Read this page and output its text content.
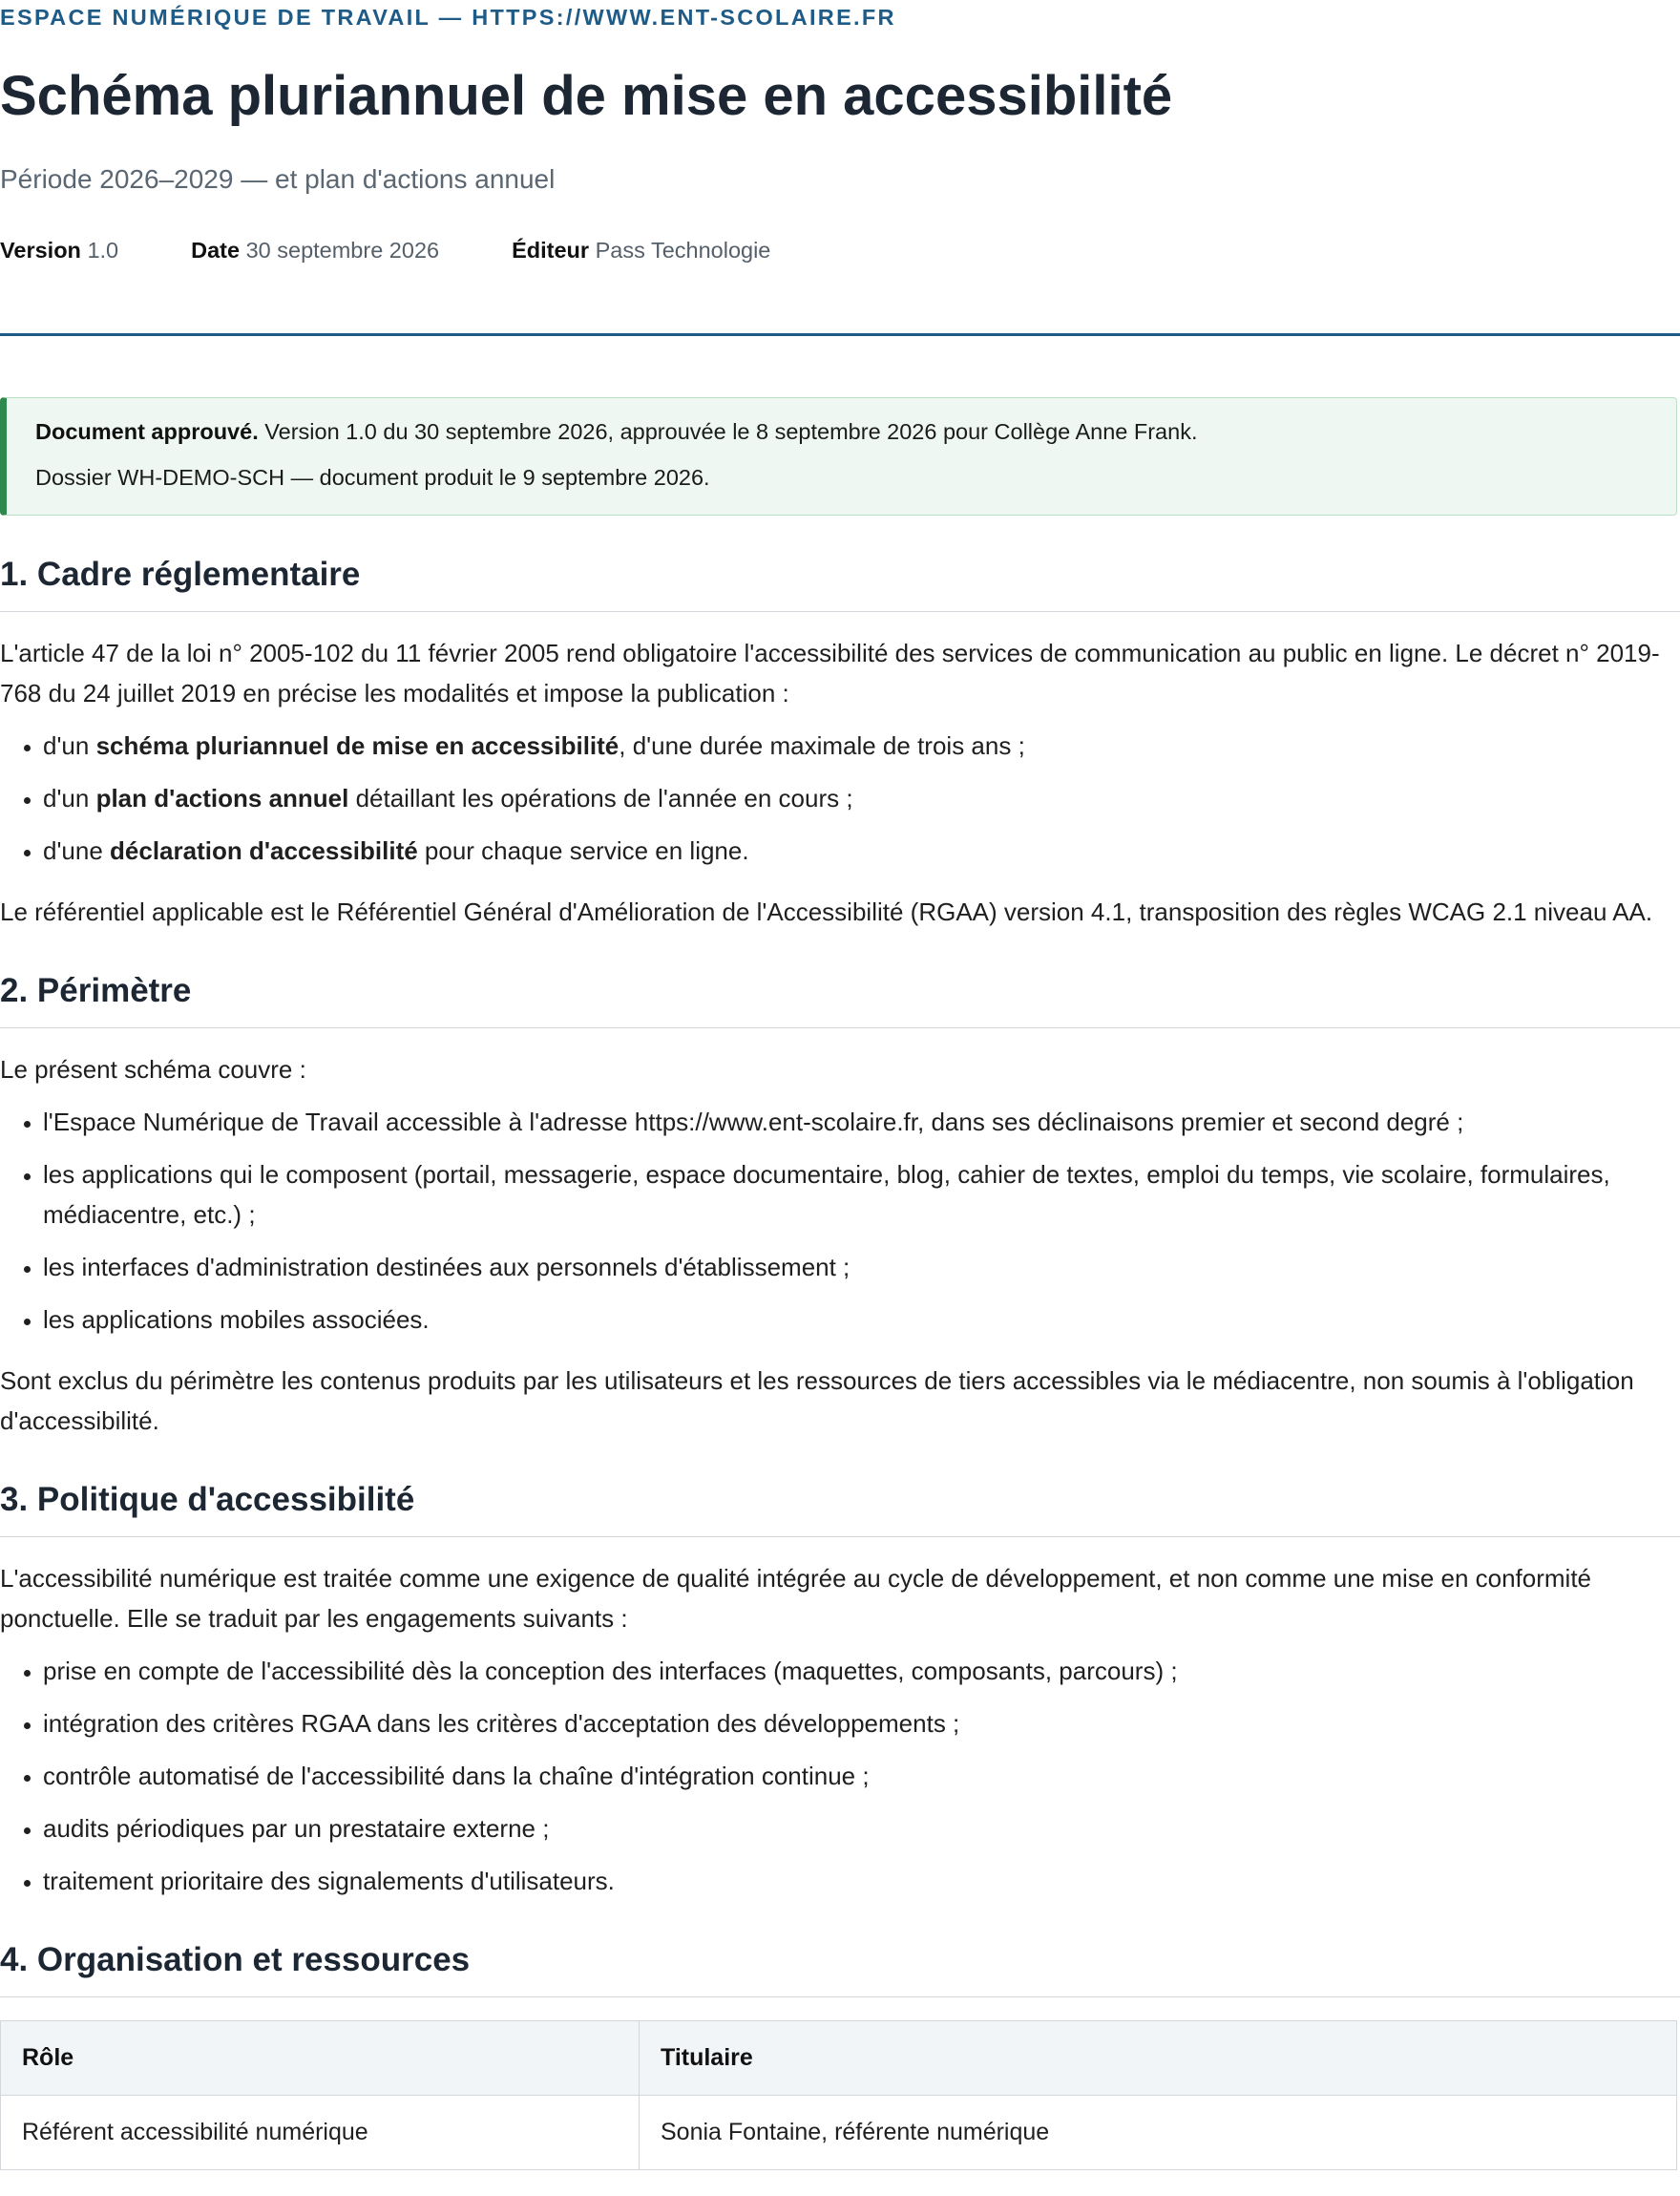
ESPACE NUMÉRIQUE DE TRAVAIL — HTTPS://WWW.ENT-SCOLAIRE.FR

Schéma pluriannuel de mise en accessibilité

Période 2026–2029 — et plan d'actions annuel

Version 1.0	Date 30 septembre 2026	Éditeur Pass Technologie

Document approuvé. Version 1.0 du 30 septembre 2026, approuvée le 8 septembre 2026 pour Collège Anne Frank.

Dossier WH-DEMO-SCH — document produit le 9 septembre 2026.

1. Cadre réglementaire

L'article 47 de la loi n° 2005-102 du 11 février 2005 rend obligatoire l'accessibilité des services de communication au public en ligne. Le décret n° 2019-768 du 24 juillet 2019 en précise les modalités et impose la publication :

• d'un schéma pluriannuel de mise en accessibilité, d'une durée maximale de trois ans ;
• d'un plan d'actions annuel détaillant les opérations de l'année en cours ;
• d'une déclaration d'accessibilité pour chaque service en ligne.

Le référentiel applicable est le Référentiel Général d'Amélioration de l'Accessibilité (RGAA) version 4.1, transposition des règles WCAG 2.1 niveau AA.

2. Périmètre

Le présent schéma couvre :

• l'Espace Numérique de Travail accessible à l'adresse https://www.ent-scolaire.fr, dans ses déclinaisons premier et second degré ;
• les applications qui le composent (portail, messagerie, espace documentaire, blog, cahier de textes, emploi du temps, vie scolaire, formulaires, médiacentre, etc.) ;
• les interfaces d'administration destinées aux personnels d'établissement ;
• les applications mobiles associées.

Sont exclus du périmètre les contenus produits par les utilisateurs et les ressources de tiers accessibles via le médiacentre, non soumis à l'obligation d'accessibilité.

3. Politique d'accessibilité

L'accessibilité numérique est traitée comme une exigence de qualité intégrée au cycle de développement, et non comme une mise en conformité ponctuelle. Elle se traduit par les engagements suivants :

• prise en compte de l'accessibilité dès la conception des interfaces (maquettes, composants, parcours) ;
• intégration des critères RGAA dans les critères d'acceptation des développements ;
• contrôle automatisé de l'accessibilité dans la chaîne d'intégration continue ;
• audits périodiques par un prestataire externe ;
• traitement prioritaire des signalements d'utilisateurs.
4. Organisation et ressources
Rôle	Titulaire
Référent accessibilité numérique	Sonia Fontaine, référente numérique
